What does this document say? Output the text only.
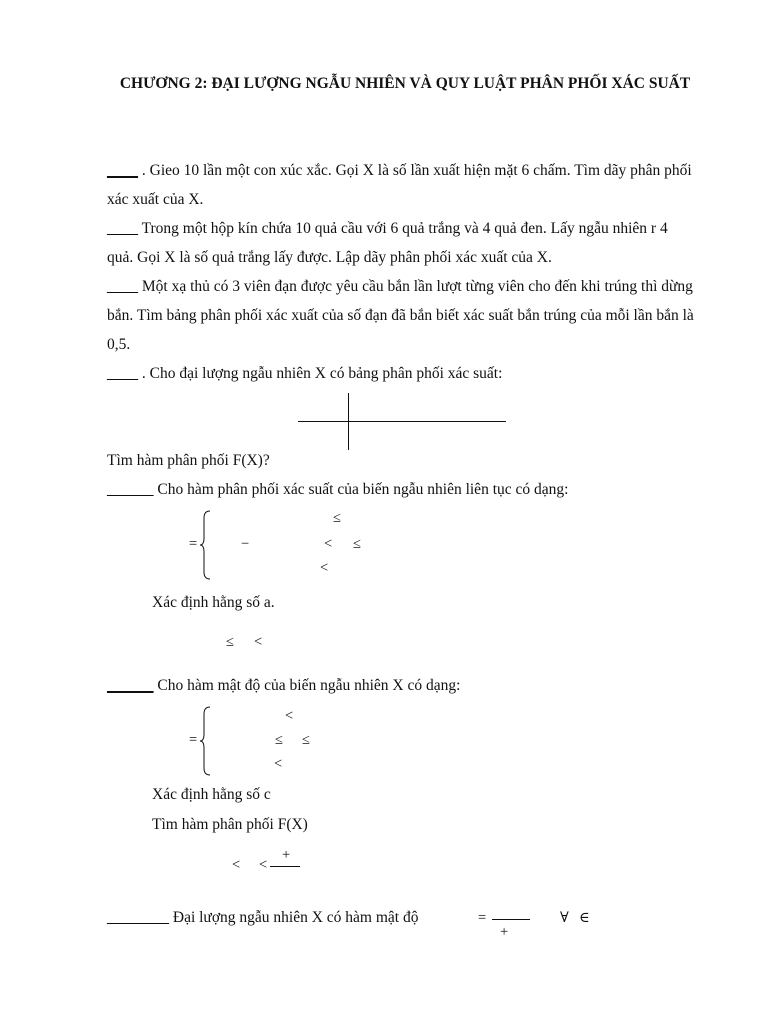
CHƯƠNG 2: ĐẠI LƯỢNG NGẪU NHIÊN VÀ QUY LUẬT PHÂN PHỐI XÁC SUẤT
____ . Gieo 10 lần một con xúc xắc. Gọi X là số lần xuất hiện mặt 6 chấm. Tìm dãy phân phối xác xuất của X.
____ Trong một hộp kín chứa 10 quả cầu với 6 quả trắng và 4 quả đen. Lấy ngẫu nhiên r 4 quả. Gọi X là số quả trắng lấy được. Lập dãy phân phối xác xuất của X.
____ Một xạ thủ có 3 viên đạn được yêu cầu bắn lần lượt từng viên cho đến khi trúng thì dừng bắn. Tìm bảng phân phối xác xuất của số đạn đã bắn biết xác suất bắn trúng của mỗi lần bắn là 0,5.
____ . Cho đại lượng ngẫu nhiên X có bảng phân phối xác suất:
Tìm hàm phân phối F(X)?
______ Cho hàm phân phối xác suất của biến ngẫu nhiên liên tục có dạng:
=
≤
−	< ≤
<
Xác định hằng số a.
≤ <
______ Cho hàm mật độ của biến ngẫu nhiên X có dạng:
=
<
≤ ≤
<
Xác định hằng số c
Tìm hàm phân phối F(X)
< <
+
________ Đại lượng ngẫu nhiên X có hàm mật độ	=
+
∀ ∈
